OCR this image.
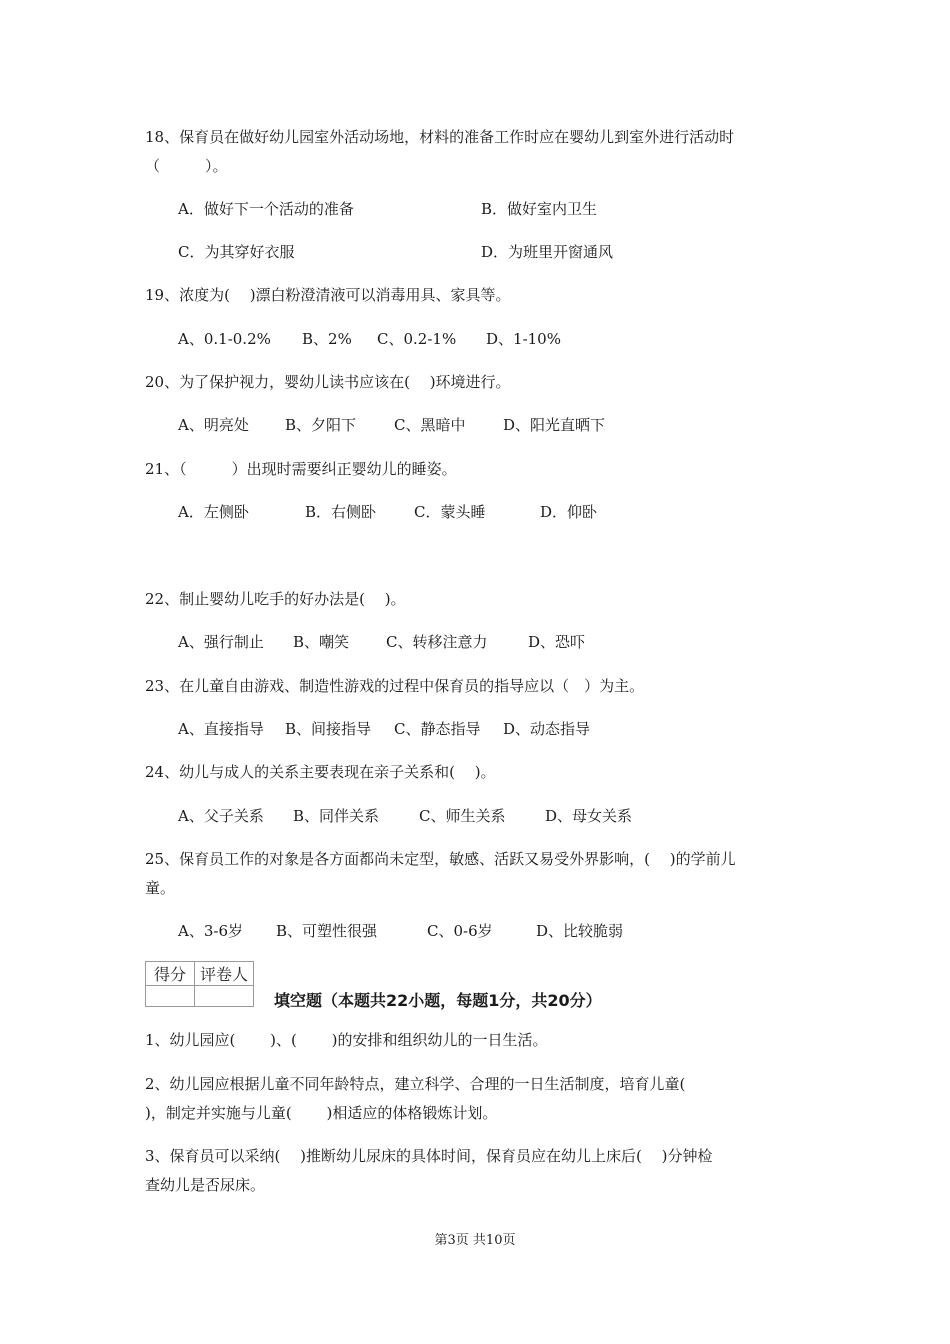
18、保育员在做好幼儿园室外活动场地，材料的准备工作时应在婴幼儿到室外进行活动时
（　　　）。
A．做好下一个活动的准备	B．做好室内卫生
C．为其穿好衣服	D．为班里开窗通风
19、浓度为(　 )漂白粉澄清液可以消毒用具、家具等。
A、0.1-0.2% B、2% C、0.2-1% D、1-10%
20、为了保护视力，婴幼儿读书应该在(　 )环境进行。
A、明亮处 B、夕阳下	C、黑暗中	D、阳光直晒下
21、（　　　）出现时需要纠正婴幼儿的睡姿。
A．左侧卧	B．右侧卧	C．蒙头睡	D．仰卧
22、制止婴幼儿吃手的好办法是(　 )。
A、强行制止 B、嘲笑 C、转移注意力	D、恐吓
23、在儿童自由游戏、制造性游戏的过程中保育员的指导应以（　）为主。
A、直接指导 B、间接指导 C、静态指导 D、动态指导
24、幼儿与成人的关系主要表现在亲子关系和(　 )。
A、父子关系 B、同伴关系	C、师生关系	D、母女关系
25、保育员工作的对象是各方面都尚未定型，敏感、活跃又易受外界影响，(　 )的学前儿
童。
A、3-6岁 B、可塑性很强	C、0-6岁	D、比较脆弱
得分	评卷人

填空题（本题共22小题，每题1分，共20分）
1、幼儿园应(　　 )、(　　 )的安排和组织幼儿的一日生活。
2、幼儿园应根据儿童不同年龄特点，建立科学、合理的一日生活制度，培育儿童(
)，制定并实施与儿童(　　 )相适应的体格锻炼计划。
3、保育员可以采纳(　 )推断幼儿尿床的具体时间，保育员应在幼儿上床后(　 )分钟检
查幼儿是否尿床。
第3页 共10页
